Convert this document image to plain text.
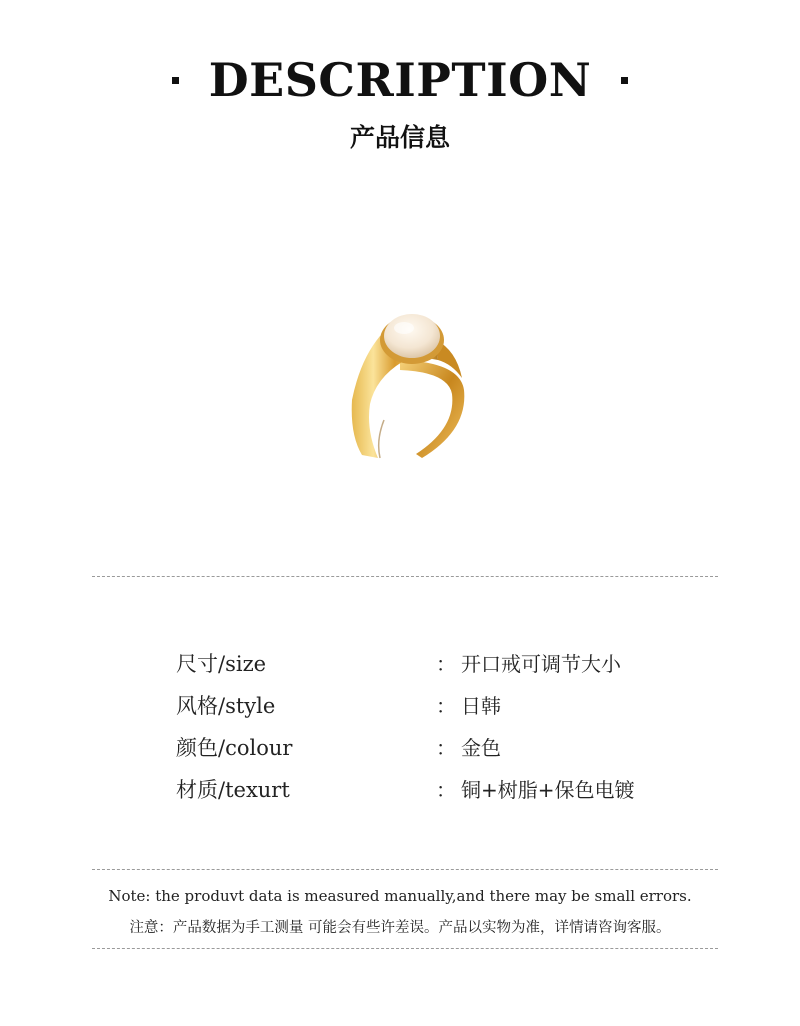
DESCRIPTION
产品信息
尺寸/size	： 开口戒可调节大小
风格/style	： 日韩
颜色/colour	： 金色
材质/texurt	： 铜+树脂+保色电镀
Note: the produvt data is measured manually,and there may be small errors.
注意：产品数据为手工测量 可能会有些许差误。产品以实物为准，详情请咨询客服。
